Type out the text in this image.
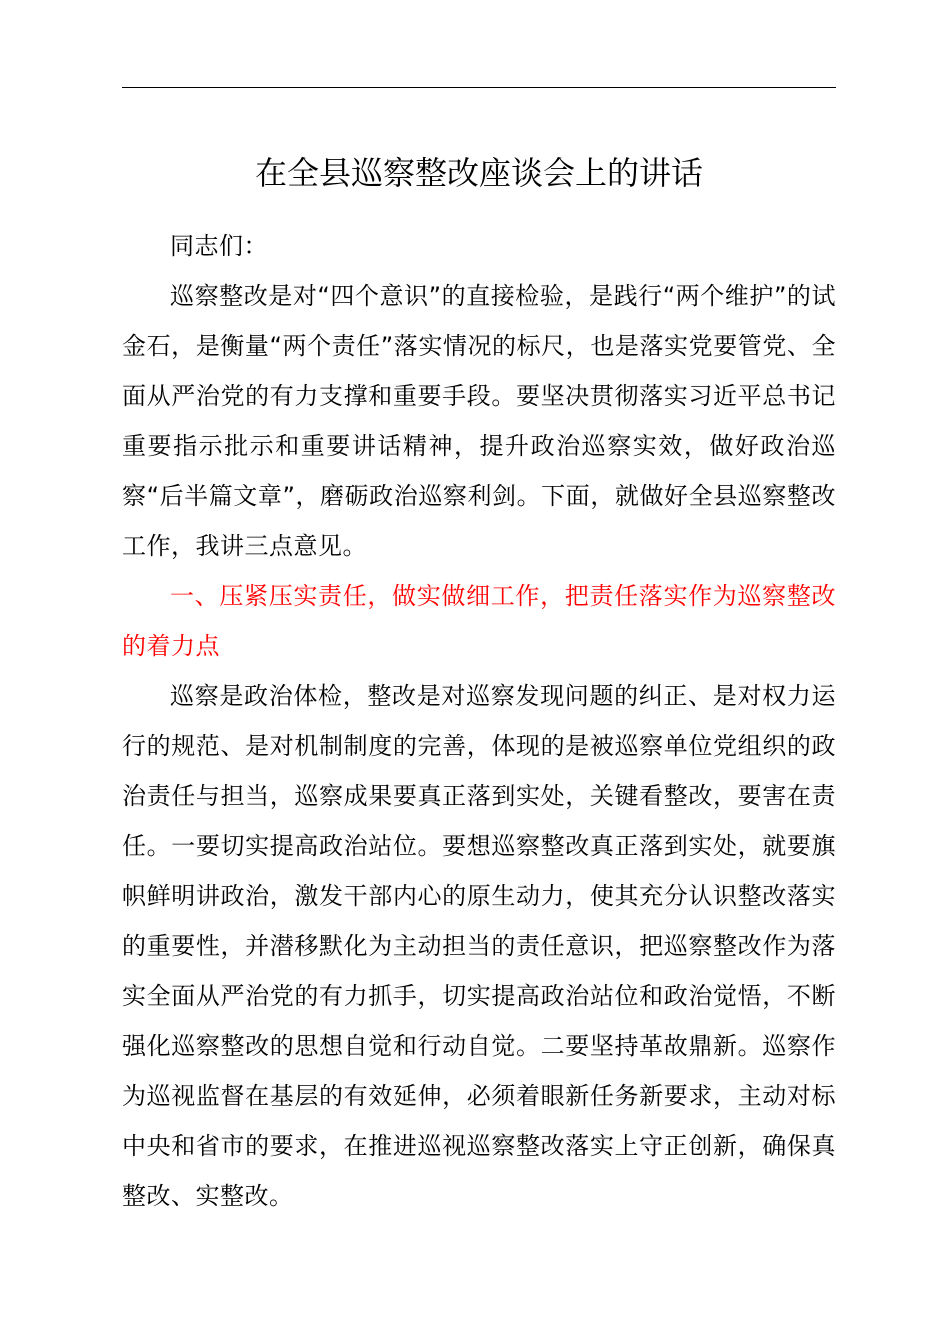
在全县巡察整改座谈会上的讲话

同志们：

巡察整改是对“四个意识”的直接检验，是践行“两个维护”的试金石，是衡量“两个责任”落实情况的标尺，也是落实党要管党、全面从严治党的有力支撑和重要手段。要坚决贯彻落实习近平总书记重要指示批示和重要讲话精神，提升政治巡察实效，做好政治巡察“后半篇文章”，磨砺政治巡察利剑。下面，就做好全县巡察整改工作，我讲三点意见。

一、压紧压实责任，做实做细工作，把责任落实作为巡察整改的着力点

巡察是政治体检，整改是对巡察发现问题的纠正、是对权力运行的规范、是对机制制度的完善，体现的是被巡察单位党组织的政治责任与担当，巡察成果要真正落到实处，关键看整改，要害在责任。一要切实提高政治站位。要想巡察整改真正落到实处，就要旗帜鲜明讲政治，激发干部内心的原生动力，使其充分认识整改落实的重要性，并潜移默化为主动担当的责任意识，把巡察整改作为落实全面从严治党的有力抓手，切实提高政治站位和政治觉悟，不断强化巡察整改的思想自觉和行动自觉。二要坚持革故鼎新。巡察作为巡视监督在基层的有效延伸，必须着眼新任务新要求，主动对标中央和省市的要求，在推进巡视巡察整改落实上守正创新，确保真整改、实整改。
